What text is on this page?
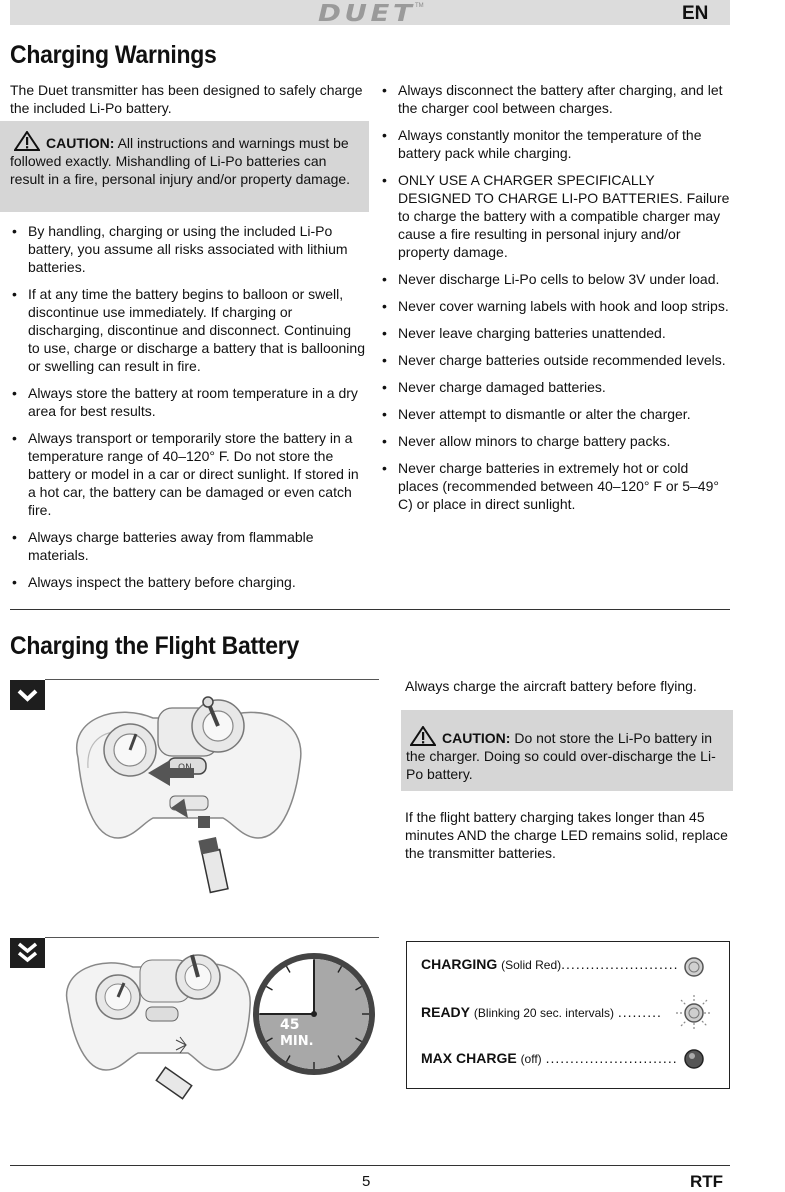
DUET TM	EN
Charging Warnings
The Duet transmitter has been designed to safely charge the included Li-Po battery.
CAUTION: All instructions and warnings must be followed exactly. Mishandling of Li-Po batteries can result in a fire, personal injury and/or property damage.
• By handling, charging or using the included Li-Po battery, you assume all risks associated with lithium batteries.
• If at any time the battery begins to balloon or swell, discontinue use immediately. If charging or discharging, discontinue and disconnect. Continuing to use, charge or discharge a battery that is ballooning or swelling can result in fire.
• Always store the battery at room temperature in a dry area for best results.
• Always transport or temporarily store the battery in a temperature range of 40–120° F. Do not store the battery or model in a car or direct sunlight. If stored in a hot car, the battery can be damaged or even catch fire.
• Always charge batteries away from flammable materials.
• Always inspect the battery before charging.
• Always disconnect the battery after charging, and let the charger cool between charges.
• Always constantly monitor the temperature of the battery pack while charging.
• ONLY USE A CHARGER SPECIFICALLY DESIGNED TO CHARGE LI-PO BATTERIES. Failure to charge the battery with a compatible charger may cause a fire resulting in personal injury and/or property damage.
• Never discharge Li-Po cells to below 3V under load.
• Never cover warning labels with hook and loop strips.
• Never leave charging batteries unattended.
• Never charge batteries outside recommended levels.
• Never charge damaged batteries.
• Never attempt to dismantle or alter the charger.
• Never allow minors to charge battery packs.
• Never charge batteries in extremely hot or cold places (recommended between 40–120° F or 5–49° C) or place in direct sunlight.
Charging the Flight Battery
Always charge the aircraft battery before flying.
CAUTION: Do not store the Li-Po battery in the charger. Doing so could over-discharge the Li-Po battery.
If the flight battery charging takes longer than 45 minutes AND the charge LED remains solid, replace the transmitter batteries.
45
MIN.
CHARGING (Solid Red)........................
READY (Blinking 20 sec. intervals) .........
MAX CHARGE (off) ...........................
5	RTF
